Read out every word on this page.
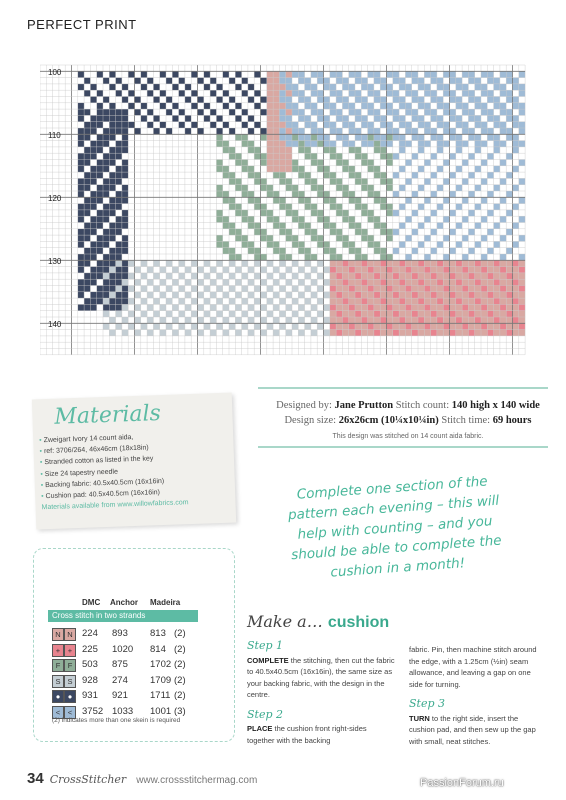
PERFECT PRINT
100
110
120
130
140
Designed by: Jane Prutton Stitch count: 140 high x 140 wide
Design size: 26x26cm (10¼x10¼in) Stitch time: 69 hours
This design was stitched on 14 count aida fabric.
Materials
• Zweigart Ivory 14 count aida,
• ref: 3706/264, 46x46cm (18x18in)
• Stranded cotton as listed in the key
• Size 24 tapestry needle
• Backing fabric: 40.5x40.5cm (16x16in)
• Cushion pad: 40.5x40.5cm (16x16in)
Materials available from www.willowfabrics.com
Complete one section of the pattern each evening – this will help with counting – and you should be able to complete the cushion in a month!
DMC Anchor Madeira
Cross stitch in two strands
N N 224 893 813 (2)
+	+	225 1020 814 (2)
F F	503 875 1702 (2)
S S	928 274 1709 (2)
● ●	931 921 1711 (2)
<	<	3752 1033 1001 (3)
(2) indicates more than one skein is required
Make a… cushion
Step 1

COMPLETE the stitching, then cut the fabric to 40.5x40.5cm (16x16in), the same size as your backing fabric, with the design in the centre.

Step 2

PLACE the cushion front right-sides together with the backing

fabric. Pin, then machine stitch around the edge, with a 1.25cm (½in) seam allowance, and leaving a gap on one side for turning.

Step 3

TURN to the right side, insert the cushion pad, and then sew up the gap with small, neat stitches.

34 CrossStitcher www.crossstitchermag.com	PassionForum.ru
